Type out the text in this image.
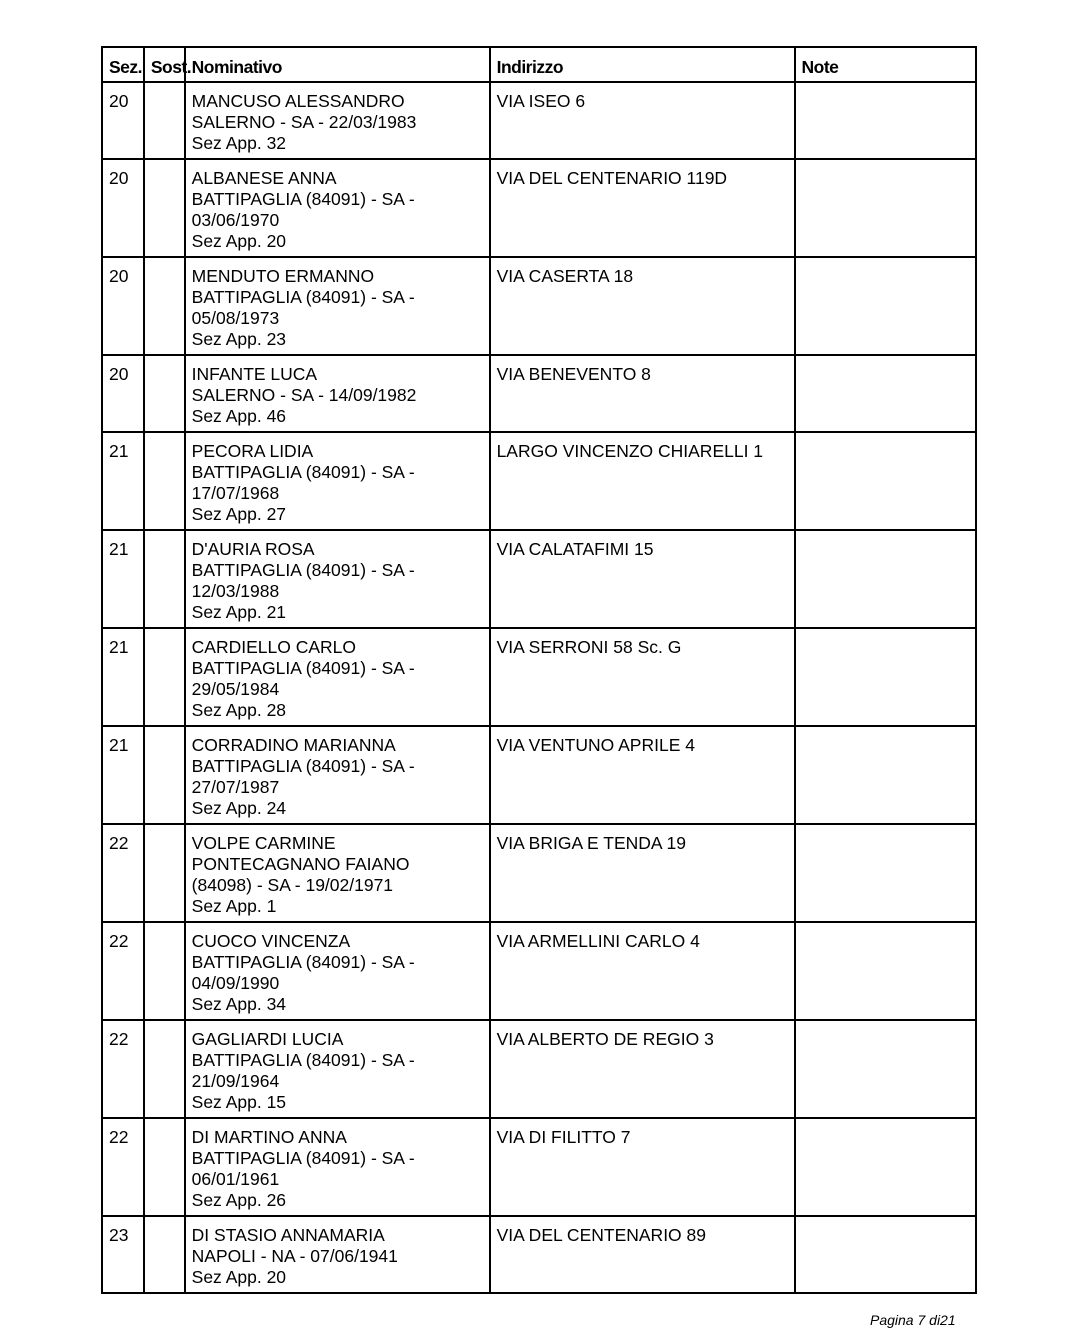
Sez.	Sost.	Nominativo	Indirizzo	Note
20		MANCUSO ALESSANDRO
SALERNO - SA - 22/03/1983
Sez App. 32	VIA ISEO 6	
20		ALBANESE ANNA
BATTIPAGLIA (84091) - SA -
03/06/1970
Sez App. 20	VIA DEL CENTENARIO 119D	
20		MENDUTO ERMANNO
BATTIPAGLIA (84091) - SA -
05/08/1973
Sez App. 23	VIA CASERTA 18	
20		INFANTE LUCA
SALERNO - SA - 14/09/1982
Sez App. 46	VIA BENEVENTO 8	
21		PECORA LIDIA
BATTIPAGLIA (84091) - SA -
17/07/1968
Sez App. 27	LARGO VINCENZO CHIARELLI 1	
21		D'AURIA ROSA
BATTIPAGLIA (84091) - SA -
12/03/1988
Sez App. 21	VIA CALATAFIMI 15	
21		CARDIELLO CARLO
BATTIPAGLIA (84091) - SA -
29/05/1984
Sez App. 28	VIA SERRONI 58 Sc. G	
21		CORRADINO MARIANNA
BATTIPAGLIA (84091) - SA -
27/07/1987
Sez App. 24	VIA VENTUNO APRILE 4	
22		VOLPE CARMINE
PONTECAGNANO FAIANO
(84098) - SA - 19/02/1971
Sez App. 1	VIA BRIGA E TENDA 19	
22		CUOCO VINCENZA
BATTIPAGLIA (84091) - SA -
04/09/1990
Sez App. 34	VIA ARMELLINI CARLO 4	
22		GAGLIARDI LUCIA
BATTIPAGLIA (84091) - SA -
21/09/1964
Sez App. 15	VIA ALBERTO DE REGIO 3	
22		DI MARTINO ANNA
BATTIPAGLIA (84091) - SA -
06/01/1961
Sez App. 26	VIA DI FILITTO 7	
23		DI STASIO ANNAMARIA
NAPOLI - NA - 07/06/1941
Sez App. 20	VIA DEL CENTENARIO 89	
Pagina 7 di21
